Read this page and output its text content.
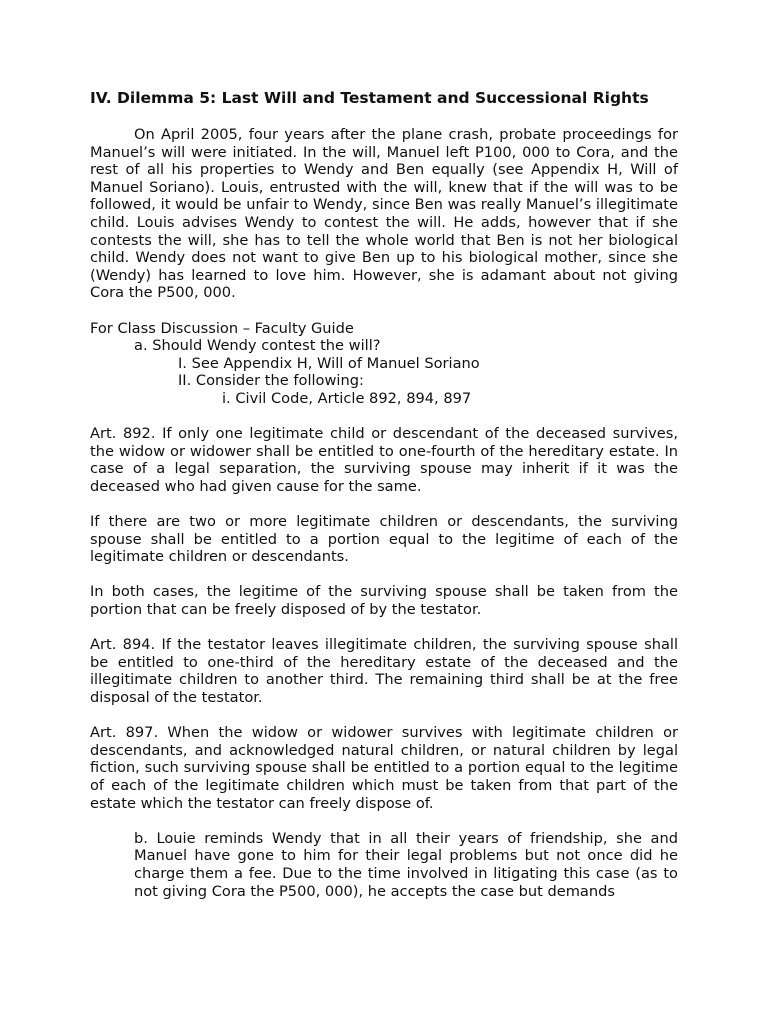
IV. Dilemma 5: Last Will and Testament and Successional Rights

On April 2005, four years after the plane crash, probate proceedings for Manuel’s will were initiated. In the will, Manuel left P100, 000 to Cora, and the rest of all his properties to Wendy and Ben equally (see Appendix H, Will of Manuel Soriano). Louis, entrusted with the will, knew that if the will was to be followed, it would be unfair to Wendy, since Ben was really Manuel’s illegitimate child. Louis advises Wendy to contest the will. He adds, however that if she contests the will, she has to tell the whole world that Ben is not her biological child. Wendy does not want to give Ben up to his biological mother, since she (Wendy) has learned to love him. However, she is adamant about not giving Cora the P500, 000.

For Class Discussion – Faculty Guide
a. Should Wendy contest the will?
I. See Appendix H, Will of Manuel Soriano
II. Consider the following:
i. Civil Code, Article 892, 894, 897

Art. 892. If only one legitimate child or descendant of the deceased survives, the widow or widower shall be entitled to one-fourth of the hereditary estate. In case of a legal separation, the surviving spouse may inherit if it was the deceased who had given cause for the same.

If there are two or more legitimate children or descendants, the surviving spouse shall be entitled to a portion equal to the legitime of each of the legitimate children or descendants.

In both cases, the legitime of the surviving spouse shall be taken from the portion that can be freely disposed of by the testator.

Art. 894. If the testator leaves illegitimate children, the surviving spouse shall be entitled to one-third of the hereditary estate of the deceased and the illegitimate children to another third. The remaining third shall be at the free disposal of the testator.

Art. 897. When the widow or widower survives with legitimate children or descendants, and acknowledged natural children, or natural children by legal fiction, such surviving spouse shall be entitled to a portion equal to the legitime of each of the legitimate children which must be taken from that part of the estate which the testator can freely dispose of.

b. Louie reminds Wendy that in all their years of friendship, she and Manuel have gone to him for their legal problems but not once did he charge them a fee. Due to the time involved in litigating this case (as to not giving Cora the P500, 000), he accepts the case but demands
